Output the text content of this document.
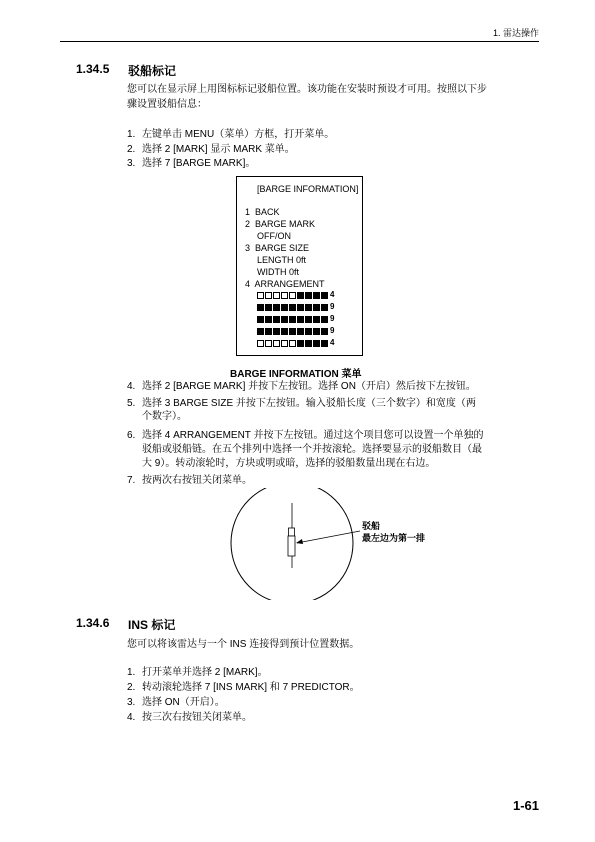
1. 雷达操作
1.34.5 驳船标记
您可以在显示屏上用图标标记驳船位置。该功能在安装时预设才可用。按照以下步
骤设置驳船信息：
1. 左键单击 MENU（菜单）方框，打开菜单。
2. 选择 2 [MARK] 显示 MARK 菜单。
3. 选择 7 [BARGE MARK]。
[BARGE INFORMATION]
1  BACK
2  BARGE MARK
OFF/ON
3  BARGE SIZE
LENGTH 0ft
WIDTH 0ft
4  ARRANGEMENT
4
9
9
9
4
BARGE INFORMATION 菜单
4. 选择 2 [BARGE MARK] 并按下左按钮。选择 ON（开启）然后按下左按钮。
5. 选择 3 BARGE SIZE 并按下左按钮。输入驳船长度（三个数字）和宽度（两
个数字）。
6. 选择 4 ARRANGEMENT 并按下左按钮。通过这个项目您可以设置一个单独的
驳船或驳船链。在五个排列中选择一个并按滚轮。选择要显示的驳船数目（最
大 9）。转动滚轮时，方块或明或暗，选择的驳船数量出现在右边。
7. 按两次右按钮关闭菜单。
驳船
最左边为第一排
1.34.6 INS 标记
您可以将该雷达与一个 INS 连接得到预计位置数据。
1. 打开菜单并选择 2 [MARK]。
2. 转动滚轮选择 7 [INS MARK] 和 7 PREDICTOR。
3. 选择 ON（开启）。
4. 按三次右按钮关闭菜单。
1-61
